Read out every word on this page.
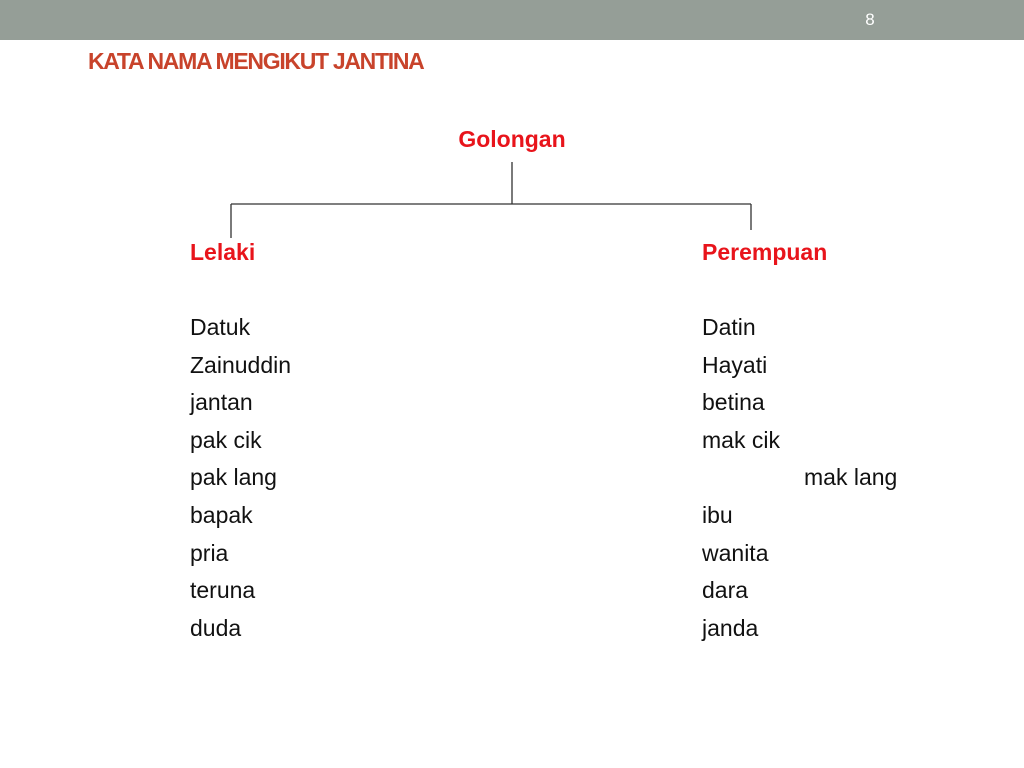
8
KATA NAMA MENGIKUT JANTINA
Golongan
Lelaki	Perempuan
Datuk
Zainuddin
jantan
pak cik
pak lang
bapak
pria
teruna
duda
Datin
Hayati
betina
mak cik
mak lang
ibu
wanita
dara
janda
